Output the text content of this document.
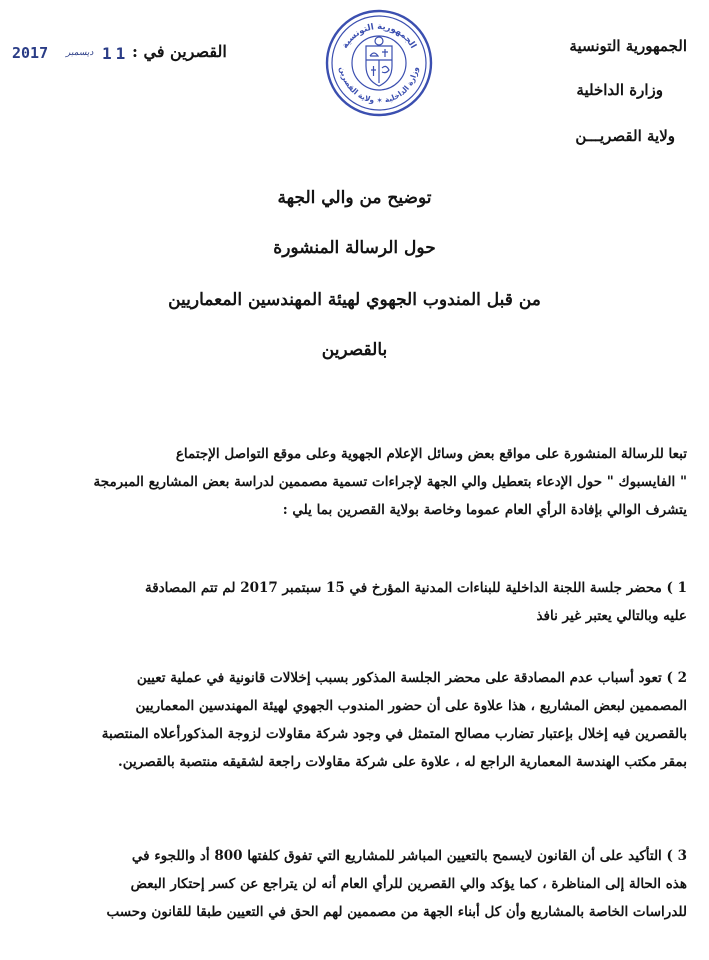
الجمهورية التونسية
وزارة الداخلية
ولاية القصريـــن
الجمهورية التونسية
وزارة الداخلية ✶ ولاية القصرين
2017 ديسمبر 11 القصرين في :
توضيح من والي الجهة
حول الرسالة المنشورة
من قبل المندوب الجهوي لهيئة المهندسين المعماريين
بالقصرين
تبعا للرسالة المنشورة على مواقع بعض وسائل الإعلام الجهوية وعلى موقع التواصل الإجتماع
" الفايسبوك " حول الإدعاء بتعطيل والي الجهة لإجراءات تسمية مصممين لدراسة بعض المشاريع المبرمجة
يتشرف الوالي بإفادة الرأي العام عموما وخاصة بولاية القصرين بما يلي :
1 ) محضر جلسة اللجنة الداخلية للبناءات المدنية المؤرخ في 15 سبتمبر 2017 لم تتم المصادقة
عليه وبالتالي يعتبر غير نافذ
2 ) تعود أسباب عدم المصادقة على محضر الجلسة المذكور بسبب إخلالات قانونية في عملية تعيين
المصممين لبعض المشاريع ، هذا علاوة على أن حضور المندوب الجهوي لهيئة المهندسين المعماريين
بالقصرين فيه إخلال بإعتبار تضارب مصالح المتمثل في وجود شركة مقاولات لزوجة المذكورأعلاه المنتصبة
بمقر مكتب الهندسة المعمارية الراجع له ، علاوة على شركة مقاولات راجعة لشقيقه منتصبة بالقصرين.
3 ) التأكيد على أن القانون لايسمح بالتعيين المباشر للمشاريع التي تفوق كلفتها 800 أد واللجوء في
هذه الحالة إلى المناظرة ، كما يؤكد والي القصرين للرأي العام أنه لن يتراجع عن كسر إحتكار البعض
للدراسات الخاصة بالمشاريع وأن كل أبناء الجهة من مصممين لهم الحق في التعيين طبقا للقانون وحسب
